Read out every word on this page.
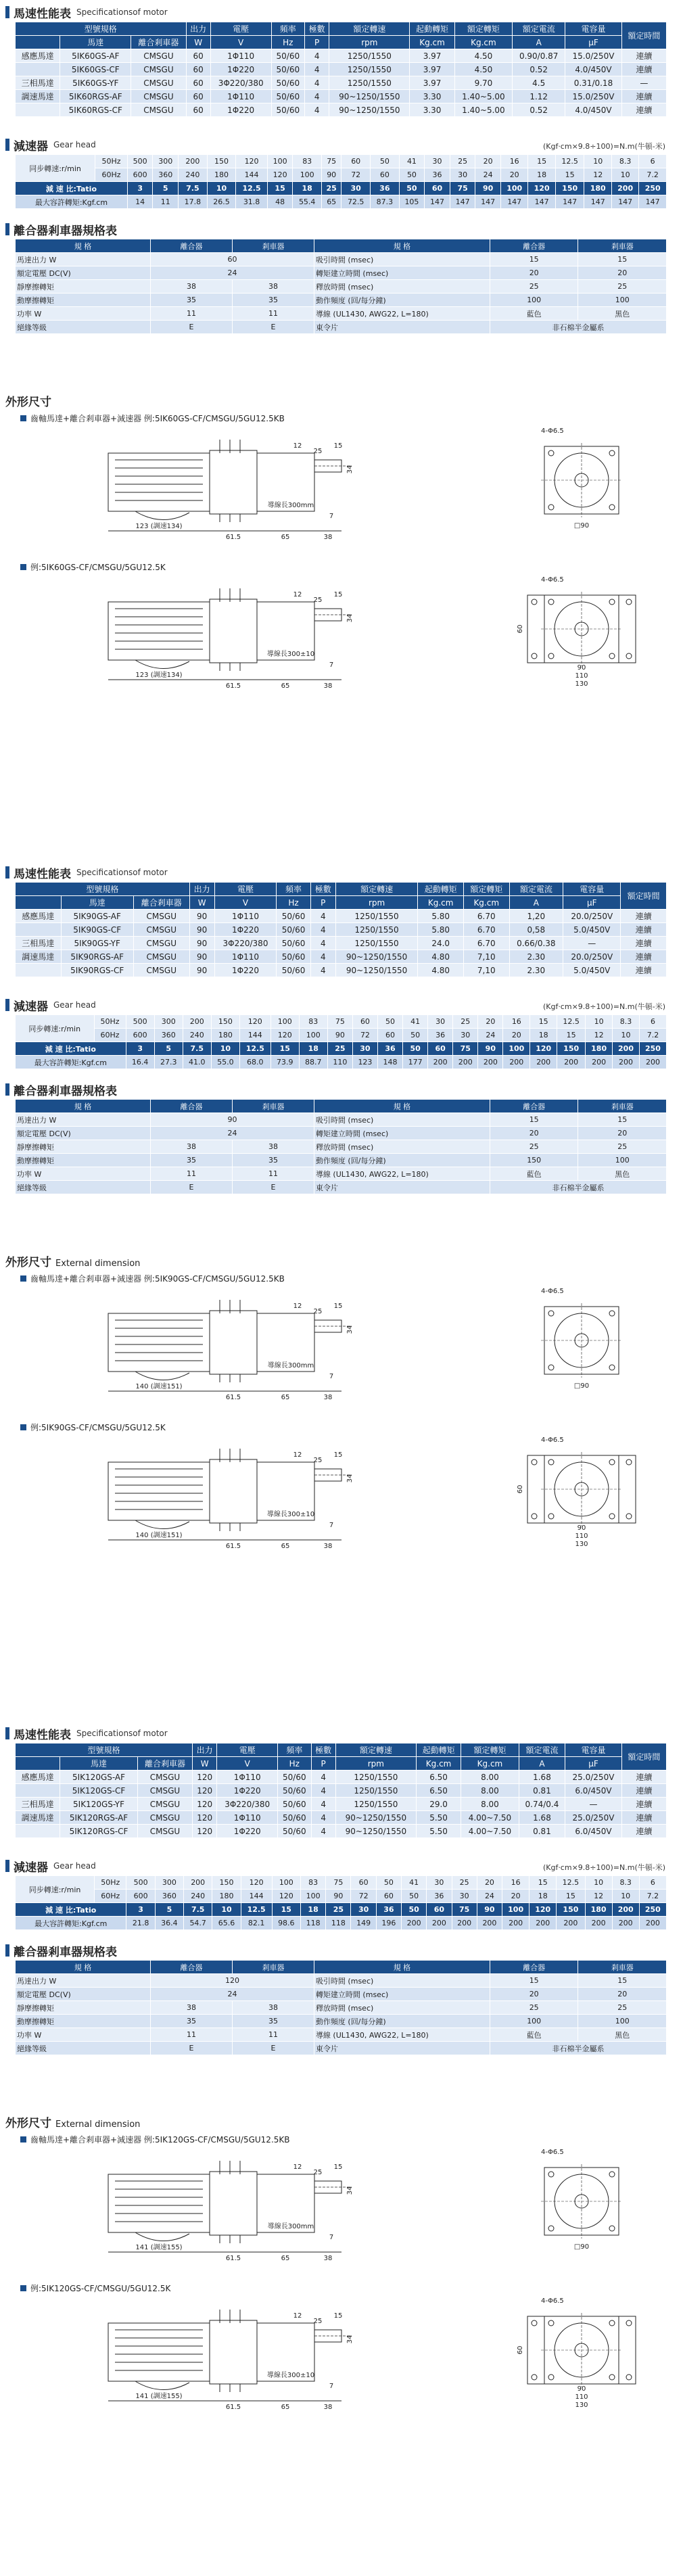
馬速性能表 Specificationsof motor
型號規格			出力	電壓	頻率	極數	額定轉速	起動轉矩	額定轉矩	額定電流	電容量	額定時間
	馬達	離合剎車器	W	V	Hz	P	rpm	Kg.cm	Kg.cm	A	μF	
感應馬達	5IK60GS-AF	CMSGU	60	1Φ110	50/60	4	1250/1550	3.97	4.50	0.90/0.87	15.0/250V	連續
	5IK60GS-CF	CMSGU	60	1Φ220	50/60	4	1250/1550	3.97	4.50	0.52	4.0/450V	連續
三相馬達	5IK60GS-YF	CMSGU	60	3Φ220/380	50/60	4	1250/1550	3.97	9.70	4.5	0.31/0.18	—
調速馬達	5IK60RGS-AF	CMSGU	60	1Φ110	50/60	4	90~1250/1550	3.30	1.40~5.00	1.12	15.0/250V	連續
	5IK60RGS-CF	CMSGU	60	1Φ220	50/60	4	90~1250/1550	3.30	1.40~5.00	0.52	4.0/450V	連續
減速器 Gear head	(Kgf·cm×9.8÷100)=N.m(牛頓-米)
同步轉速:r/min	50Hz	500	300	200	150	120	100	83	75	60	50	41	30	25	20	16	15	12.5	10	8.3	6
	60Hz	600	360	240	180	144	120	100	90	72	60	50	36	30	24	20	18	15	12	10	7.2
減 速 比:Tatio		3	5	7.5	10	12.5	15	18	25	30	36	50	60	75	90	100	120	150	180	200	250
最大容許轉矩:Kgf.cm		14	11	17.8	26.5	31.8	48	55.4	65	72.5	87.3	105	147	147	147	147	147	147	147	147	147
離合器剎車器規格表
規 格	離合器	剎車器	規 格	離合器	剎車器
馬達出力 W	60		吸引時間 (msec)	15	15
額定電壓 DC(V)	24		轉矩建立時間 (msec)	20	20
靜摩擦轉矩	38	38	釋放時間 (msec)	25	25
動摩擦轉矩	35	35	動作頻度 (回/每分鐘)	100	100
功率 W	11	11	導線 (UL1430, AWG22, L=180)	藍色	黑色
絕緣等級	E	E	東令片	非石棉半金屬系	
外形尺寸
齒軸馬達+離合剎車器+減速器 例:5IK60GS-CF/CMSGU/5GU12.5KB
123 (調速134)
61.5	65	38
7
25
15
12
34
導線長300mm
4-Φ6.5
□90
例:5IK60GS-CF/CMSGU/5GU12.5K
123 (調速134)
61.5	65	38
7
25
15
12
34
導線長300±10
90
110
130
60
4-Φ6.5
馬速性能表 Specificationsof motor
型號規格			出力	電壓	頻率	極數	額定轉速	起動轉矩	額定轉矩	額定電流	電容量	額定時間
	馬達	離合剎車器	W	V	Hz	P	rpm	Kg.cm	Kg.cm	A	μF	
感應馬達	5IK90GS-AF	CMSGU	90	1Φ110	50/60	4	1250/1550	5.80	6.70	1,20	20.0/250V	連續
	5IK90GS-CF	CMSGU	90	1Φ220	50/60	4	1250/1550	5.80	6.70	0,58	5.0/450V	連續
三相馬達	5IK90GS-YF	CMSGU	90	3Φ220/380	50/60	4	1250/1550	24.0	6.70	0.66/0.38	—	連續
調速馬達	5IK90RGS-AF	CMSGU	90	1Φ110	50/60	4	90~1250/1550	4.80	7,10	2.30	20.0/250V	連續
	5IK90RGS-CF	CMSGU	90	1Φ220	50/60	4	90~1250/1550	4.80	7,10	2.30	5.0/450V	連續
減速器 Gear head	(Kgf·cm×9.8÷100)=N.m(牛頓-米)
同步轉速:r/min	50Hz	500	300	200	150	120	100	83	75	60	50	41	30	25	20	16	15	12.5	10	8.3	6
	60Hz	600	360	240	180	144	120	100	90	72	60	50	36	30	24	20	18	15	12	10	7.2
減 速 比:Tatio		3	5	7.5	10	12.5	15	18	25	30	36	50	60	75	90	100	120	150	180	200	250
最大容許轉矩:Kgf.cm		16.4	27.3	41.0	55.0	68.0	73.9	88.7	110	123	148	177	200	200	200	200	200	200	200	200	200
離合器剎車器規格表
規 格	離合器	剎車器	規 格	離合器	剎車器
馬達出力 W	90		吸引時間 (msec)	15	15
額定電壓 DC(V)	24		轉矩建立時間 (msec)	20	20
靜摩擦轉矩	38	38	釋放時間 (msec)	25	25
動摩擦轉矩	35	35	動作頻度 (回/每分鐘)	150	100
功率 W	11	11	導線 (UL1430, AWG22, L=180)	藍色	黑色
絕緣等級	E	E	東令片	非石棉半金屬系	
外形尺寸 External dimension
齒軸馬達+離合剎車器+減速器 例:5IK90GS-CF/CMSGU/5GU12.5KB
140 (調速151)
61.5	65	38
7
25
15
12
34
導線長300mm
4-Φ6.5
□90
例:5IK90GS-CF/CMSGU/5GU12.5K
140 (調速151)
61.5	65	38
7
25
15
12
34
導線長300±10
90
110
130
60
4-Φ6.5
馬速性能表 Specificationsof motor
型號規格			出力	電壓	頻率	極數	額定轉速	起動轉矩	額定轉矩	額定電流	電容量	額定時間
	馬達	離合剎車器	W	V	Hz	P	rpm	Kg.cm	Kg.cm	A	μF	
感應馬達	5IK120GS-AF	CMSGU	120	1Φ110	50/60	4	1250/1550	6.50	8.00	1.68	25.0/250V	連續
	5IK120GS-CF	CMSGU	120	1Φ220	50/60	4	1250/1550	6.50	8.00	0.81	6.0/450V	連續
三相馬達	5IK120GS-YF	CMSGU	120	3Φ220/380	50/60	4	1250/1550	29.0	8.00	0.74/0.4	—	連續
調速馬達	5IK120RGS-AF	CMSGU	120	1Φ110	50/60	4	90~1250/1550	5.50	4.00~7.50	1.68	25.0/250V	連續
	5IK120RGS-CF	CMSGU	120	1Φ220	50/60	4	90~1250/1550	5.50	4.00~7.50	0.81	6.0/450V	連續
減速器 Gear head	(Kgf·cm×9.8÷100)=N.m(牛頓-米)
同步轉速:r/min	50Hz	500	300	200	150	120	100	83	75	60	50	41	30	25	20	16	15	12.5	10	8.3	6
	60Hz	600	360	240	180	144	120	100	90	72	60	50	36	30	24	20	18	15	12	10	7.2
減 速 比:Tatio		3	5	7.5	10	12.5	15	18	25	30	36	50	60	75	90	100	120	150	180	200	250
最大容許轉矩:Kgf.cm		21.8	36.4	54.7	65.6	82.1	98.6	118	118	149	196	200	200	200	200	200	200	200	200	200	200
離合器剎車器規格表
規 格	離合器	剎車器	規 格	離合器	剎車器
馬達出力 W	120		吸引時間 (msec)	15	15
額定電壓 DC(V)	24		轉矩建立時間 (msec)	20	20
靜摩擦轉矩	38	38	釋放時間 (msec)	25	25
動摩擦轉矩	35	35	動作頻度 (回/每分鐘)	100	100
功率 W	11	11	導線 (UL1430, AWG22, L=180)	藍色	黑色
絕緣等級	E	E	東令片	非石棉半金屬系	
外形尺寸 External dimension
齒軸馬達+離合剎車器+減速器 例:5IK120GS-CF/CMSGU/5GU12.5KB
141 (調速155)
61.5	65	38
7
25
15
12
34
導線長300mm
4-Φ6.5
□90
例:5IK120GS-CF/CMSGU/5GU12.5K
141 (調速155)
61.5	65	38
7
25
15
12
34
導線長300±10
90
110
130
60
4-Φ6.5
